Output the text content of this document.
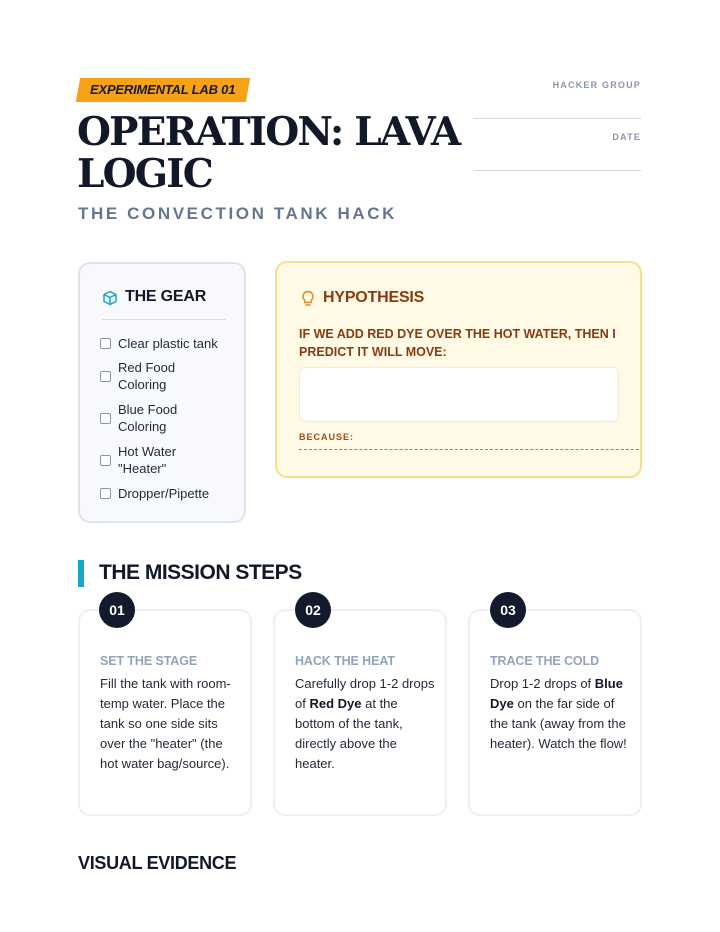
EXPERIMENTAL LAB 01
OPERATION: LAVA LOGIC
THE CONVECTION TANK HACK
HACKER GROUP
DATE
THE GEAR
Clear plastic tank
Red Food Coloring
Blue Food Coloring
Hot Water "Heater"
Dropper/Pipette
HYPOTHESIS
IF WE ADD RED DYE OVER THE HOT WATER, THEN I PREDICT IT WILL MOVE:
BECAUSE:
THE MISSION STEPS
SET THE STAGE
Fill the tank with room-temp water. Place the tank so one side sits over the "heater" (the hot water bag/source).
01
HACK THE HEAT
Carefully drop 1-2 drops of Red Dye at the bottom of the tank, directly above the heater.
02
TRACE THE COLD
Drop 1-2 drops of Blue Dye on the far side of the tank (away from the heater). Watch the flow!
03
VISUAL EVIDENCE
